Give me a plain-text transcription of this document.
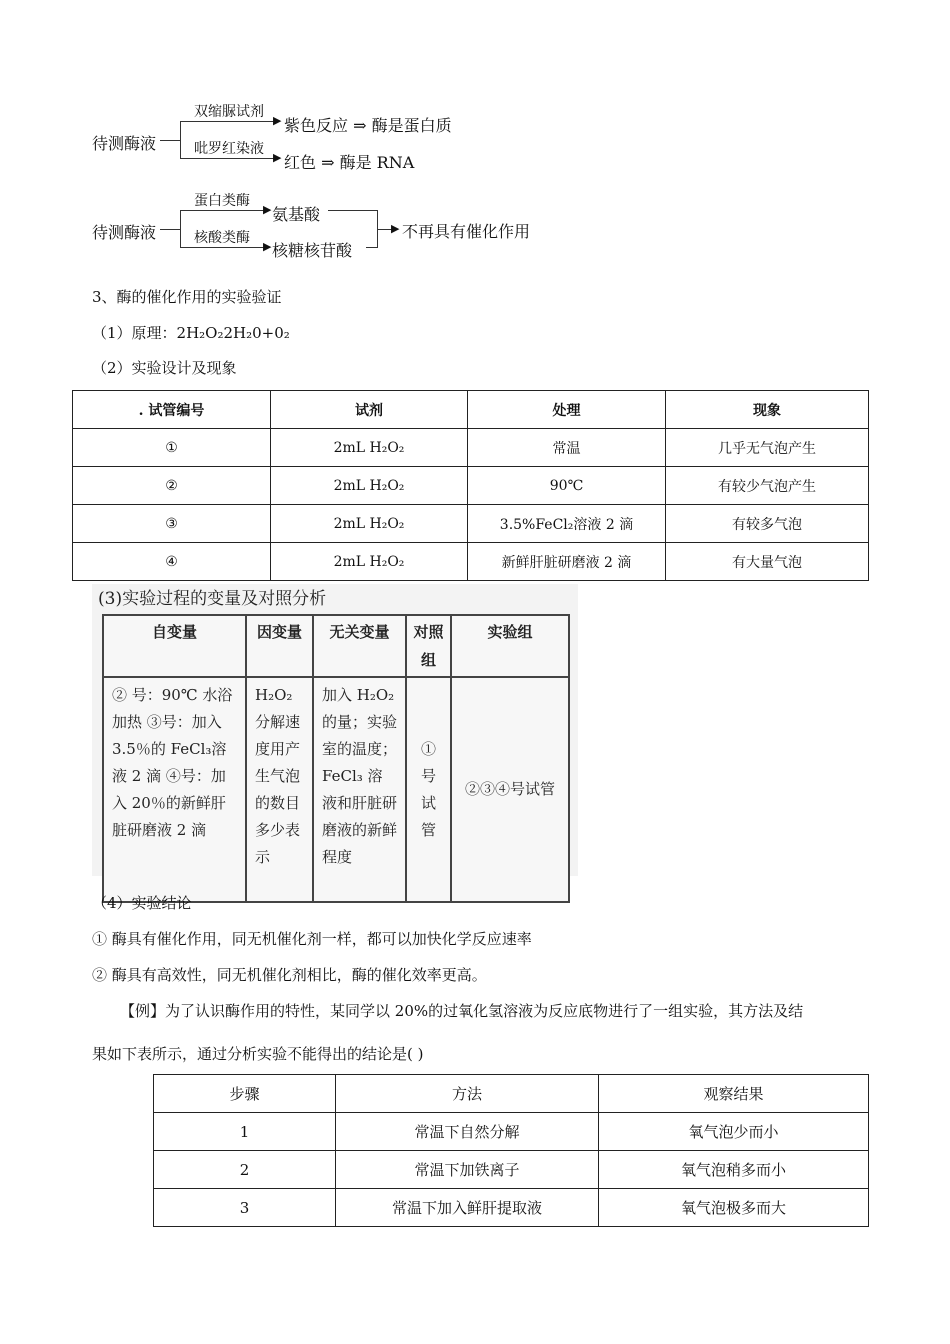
待测酶液
▶
▶
双缩脲试剂
紫色反应 ⇒ 酶是蛋白质
吡罗红染液
红色 ⇒ 酶是 RNA
待测酶液
▶
▶
蛋白类酶
氨基酸
核酸类酶
核糖核苷酸
▶ 不再具有催化作用
3、酶的催化作用的实验验证
（1）原理：2H₂O₂2H₂0+0₂
（2）实验设计及现象
. 试管编号	试剂	处理	现象
①	2mL H₂O₂	常温	几乎无气泡产生
②	2mL H₂O₂	90℃	有较少气泡产生
③	2mL H₂O₂	3.5%FeCl₂溶液 2 滴	有较多气泡
④	2mL H₂O₂	新鲜肝脏研磨液 2 滴	有大量气泡
(3)实验过程的变量及对照分析
自变量	因变量	无关变量	对照组	实验组
② 号：90℃ 水浴加热 ③号：加入 3.5％的 FeCl₃溶液 2 滴 ④号：加入 20％的新鲜肝脏研磨液 2 滴	H₂O₂ 分解速度用产生气泡的数目多少表示	加入 H₂O₂ 的量；实验室的温度；FeCl₃ 溶液和肝脏研磨液的新鲜程度	①号试管	②③④号试管
（4）实验结论
① 酶具有催化作用，同无机催化剂一样，都可以加快化学反应速率
② 酶具有高效性，同无机催化剂相比，酶的催化效率更高。
【例】为了认识酶作用的特性，某同学以 20%的过氧化氢溶液为反应底物进行了一组实验，其方法及结
果如下表所示，通过分析实验不能得出的结论是( )
步骤	方法	观察结果
1	常温下自然分解	氧气泡少而小
2	常温下加铁离子	氧气泡稍多而小
3	常温下加入鲜肝提取液	氧气泡极多而大
